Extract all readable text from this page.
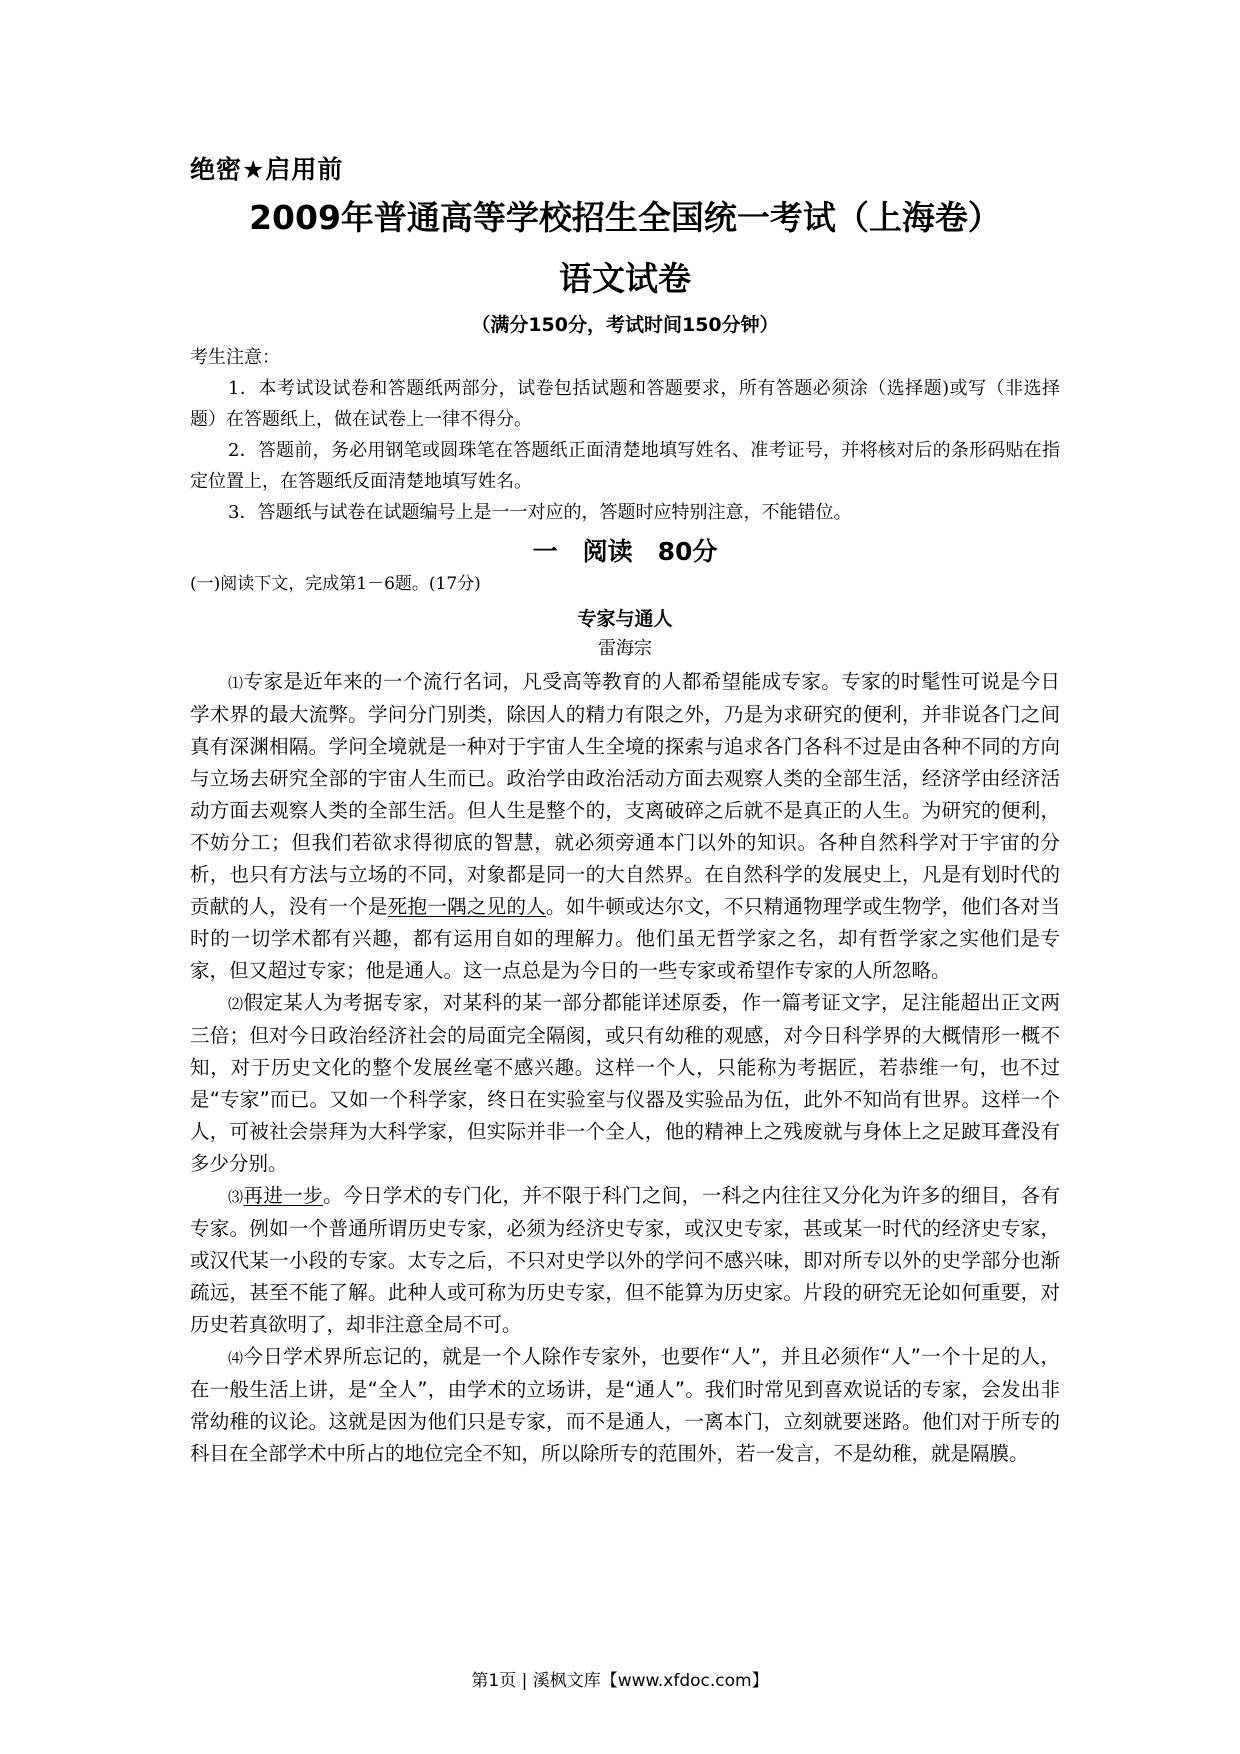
绝密★启用前
2009年普通高等学校招生全国统一考试（上海卷）
语文试卷
（满分150分，考试时间150分钟）
考生注意：

1．本考试设试卷和答题纸两部分，试卷包括试题和答题要求，所有答题必须涂（选择题)或写（非选择题）在答题纸上，做在试卷上一律不得分。

2．答题前，务必用钢笔或圆珠笔在答题纸正面清楚地填写姓名、准考证号，并将核对后的条形码贴在指定位置上，在答题纸反面清楚地填写姓名。

3．答题纸与试卷在试题编号上是一一对应的，答题时应特别注意，不能错位。

一　阅读　80分
(一)阅读下文，完成第1－6题。(17分)
专家与通人
雷海宗

⑴专家是近年来的一个流行名词，凡受高等教育的人都希望能成专家。专家的时髦性可说是今日学术界的最大流弊。学问分门别类，除因人的精力有限之外，乃是为求研究的便利，并非说各门之间真有深渊相隔。学问全境就是一种对于宇宙人生全境的探索与追求各门各科不过是由各种不同的方向与立场去研究全部的宇宙人生而已。政治学由政治活动方面去观察人类的全部生活，经济学由经济活动方面去观察人类的全部生活。但人生是整个的，支离破碎之后就不是真正的人生。为研究的便利，不妨分工；但我们若欲求得彻底的智慧，就必须旁通本门以外的知识。各种自然科学对于宇宙的分析，也只有方法与立场的不同，对象都是同一的大自然界。在自然科学的发展史上，凡是有划时代的贡献的人，没有一个是死抱一隅之见的人。如牛顿或达尔文，不只精通物理学或生物学，他们各对当时的一切学术都有兴趣，都有运用自如的理解力。他们虽无哲学家之名，却有哲学家之实他们是专家，但又超过专家；他是通人。这一点总是为今日的一些专家或希望作专家的人所忽略。

⑵假定某人为考据专家，对某科的某一部分都能详述原委，作一篇考证文字，足注能超出正文两三倍；但对今日政治经济社会的局面完全隔阂，或只有幼稚的观感，对今日科学界的大概情形一概不知，对于历史文化的整个发展丝毫不感兴趣。这样一个人，只能称为考据匠，若恭维一句，也不过是“专家”而已。又如一个科学家，终日在实验室与仪器及实验品为伍，此外不知尚有世界。这样一个人，可被社会崇拜为大科学家，但实际并非一个全人，他的精神上之残废就与身体上之足跛耳聋没有多少分别。

⑶再进一步。今日学术的专门化，并不限于科门之间，一科之内往往又分化为许多的细目，各有专家。例如一个普通所谓历史专家，必须为经济史专家，或汉史专家，甚或某一时代的经济史专家，或汉代某一小段的专家。太专之后，不只对史学以外的学问不感兴味，即对所专以外的史学部分也渐疏远，甚至不能了解。此种人或可称为历史专家，但不能算为历史家。片段的研究无论如何重要，对历史若真欲明了，却非注意全局不可。

⑷今日学术界所忘记的，就是一个人除作专家外，也要作“人”，并且必须作“人”一个十足的人，在一般生活上讲，是“全人”，由学术的立场讲，是“通人”。我们时常见到喜欢说话的专家，会发出非常幼稚的议论。这就是因为他们只是专家，而不是通人，一离本门，立刻就要迷路。他们对于所专的科目在全部学术中所占的地位完全不知，所以除所专的范围外，若一发言，不是幼稚，就是隔膜。

第1页 | 溪枫文库【www.xfdoc.com】
